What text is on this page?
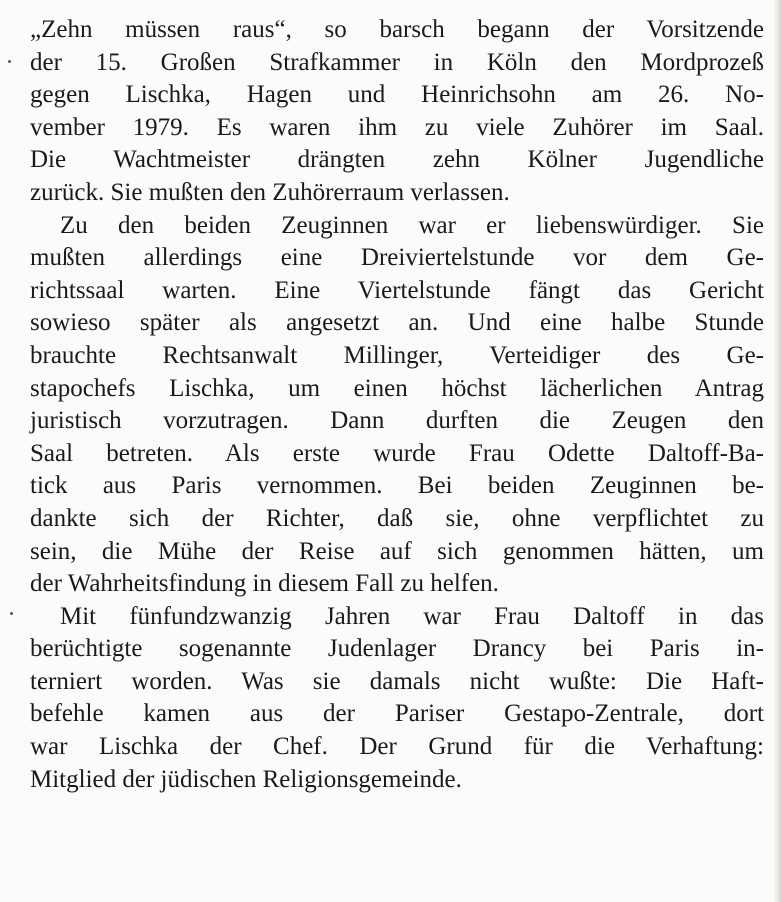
„Zehn müssen raus“, so barsch begann der Vorsitzende
der 15. Großen Strafkammer in Köln den Mordprozeß
gegen Lischka, Hagen und Heinrichsohn am 26. No-
vember 1979. Es waren ihm zu viele Zuhörer im Saal.
Die Wachtmeister drängten zehn Kölner Jugendliche
zurück. Sie mußten den Zuhörerraum verlassen.
Zu den beiden Zeuginnen war er liebenswürdiger. Sie
mußten allerdings eine Dreiviertelstunde vor dem Ge-
richtssaal warten. Eine Viertelstunde fängt das Gericht
sowieso später als angesetzt an. Und eine halbe Stunde
brauchte Rechtsanwalt Millinger, Verteidiger des Ge-
stapochefs Lischka, um einen höchst lächerlichen Antrag
juristisch vorzutragen. Dann durften die Zeugen den
Saal betreten. Als erste wurde Frau Odette Daltoff-Ba-
tick aus Paris vernommen. Bei beiden Zeuginnen be-
dankte sich der Richter, daß sie, ohne verpflichtet zu
sein, die Mühe der Reise auf sich genommen hätten, um
der Wahrheitsfindung in diesem Fall zu helfen.
Mit fünfundzwanzig Jahren war Frau Daltoff in das
berüchtigte sogenannte Judenlager Drancy bei Paris in-
terniert worden. Was sie damals nicht wußte: Die Haft-
befehle kamen aus der Pariser Gestapo-Zentrale, dort
war Lischka der Chef. Der Grund für die Verhaftung:
Mitglied der jüdischen Religionsgemeinde.
